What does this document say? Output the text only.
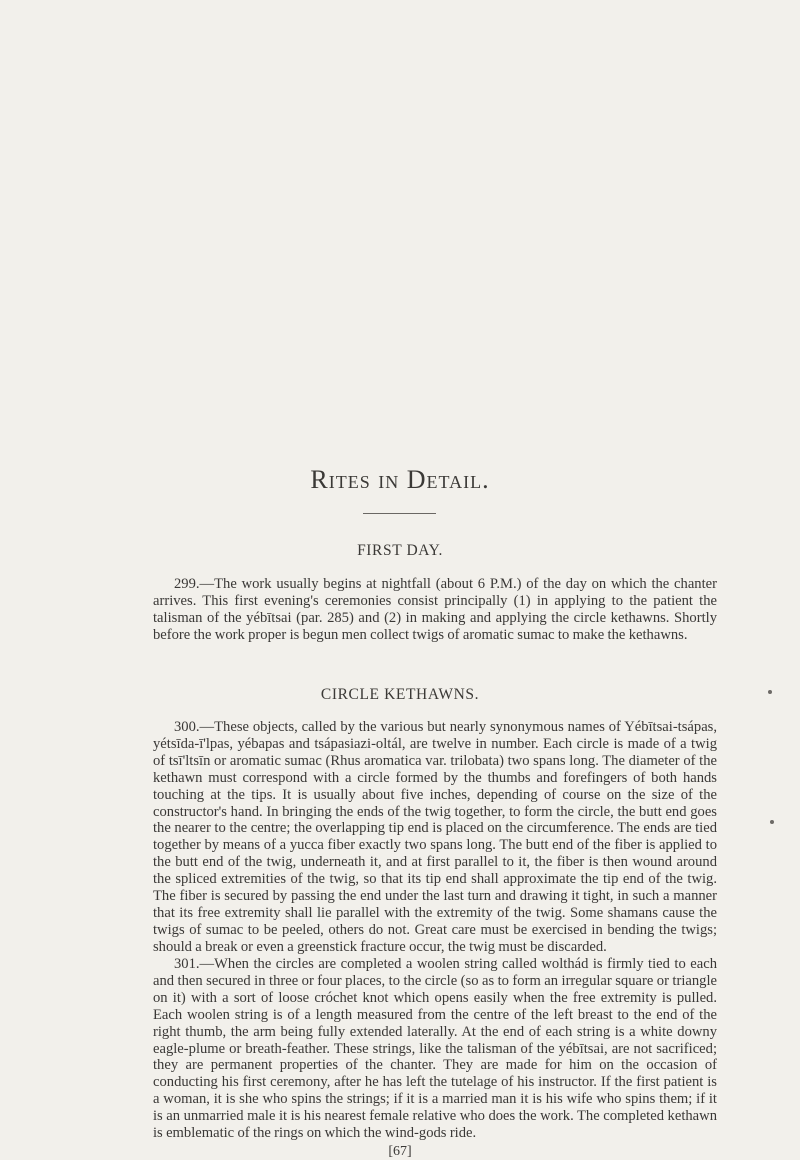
Rites in Detail.
FIRST DAY.

299.—The work usually begins at nightfall (about 6 P.M.) of the day on which the chanter arrives. This first evening's ceremonies consist principally (1) in applying to the patient the talisman of the yébītsai (par. 285) and (2) in making and applying the circle kethawns. Shortly before the work proper is begun men collect twigs of aromatic sumac to make the kethawns.

CIRCLE KETHAWNS.

300.—These objects, called by the various but nearly synonymous names of Yébītsai-tsápas, yétsīda-ī'lpas, yébapas and tsápasiazi-oltál, are twelve in number. Each circle is made of a twig of tsī'ltsīn or aromatic sumac (Rhus aromatica var. trilobata) two spans long. The diameter of the kethawn must correspond with a circle formed by the thumbs and forefingers of both hands touching at the tips. It is usually about five inches, depending of course on the size of the constructor's hand. In bringing the ends of the twig together, to form the circle, the butt end goes the nearer to the centre; the overlapping tip end is placed on the circumference. The ends are tied together by means of a yucca fiber exactly two spans long. The butt end of the fiber is applied to the butt end of the twig, underneath it, and at first parallel to it, the fiber is then wound around the spliced extremities of the twig, so that its tip end shall approximate the tip end of the twig. The fiber is secured by passing the end under the last turn and drawing it tight, in such a manner that its free extremity shall lie parallel with the extremity of the twig. Some shamans cause the twigs of sumac to be peeled, others do not. Great care must be exercised in bending the twigs; should a break or even a greenstick fracture occur, the twig must be discarded.

301.—When the circles are completed a woolen string called wolthád is firmly tied to each and then secured in three or four places, to the circle (so as to form an irregular square or triangle on it) with a sort of loose cróchet knot which opens easily when the free extremity is pulled. Each woolen string is of a length measured from the centre of the left breast to the end of the right thumb, the arm being fully extended laterally. At the end of each string is a white downy eagle-plume or breath-feather. These strings, like the talisman of the yébītsai, are not sacrificed; they are permanent properties of the chanter. They are made for him on the occasion of conducting his first ceremony, after he has left the tutelage of his instructor. If the first patient is a woman, it is she who spins the strings; if it is a married man it is his wife who spins them; if it is an unmarried male it is his nearest female relative who does the work. The completed kethawn is emblematic of the rings on which the wind-gods ride.

[67]
